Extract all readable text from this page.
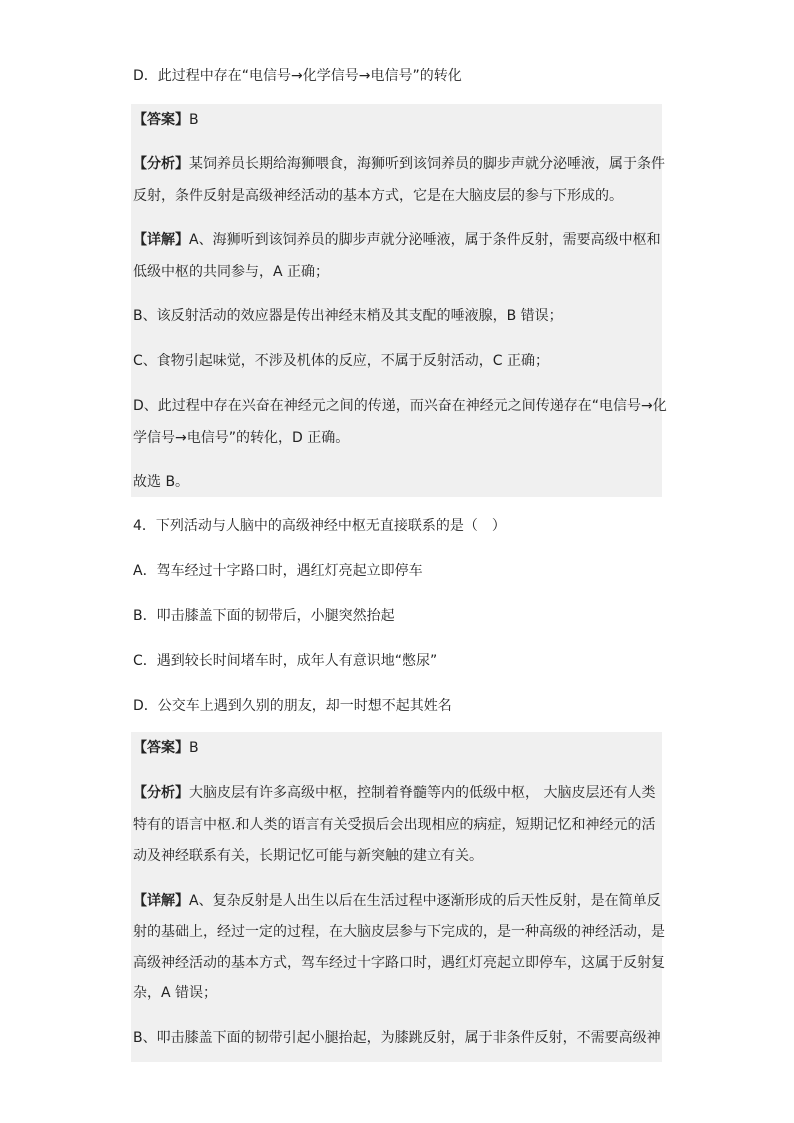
D．此过程中存在“电信号→化学信号→电信号”的转化
【答案】B
【分析】某饲养员长期给海狮喂食，海狮听到该饲养员的脚步声就分泌唾液，属于条件
反射，条件反射是高级神经活动的基本方式，它是在大脑皮层的参与下形成的。
【详解】A、海狮听到该饲养员的脚步声就分泌唾液，属于条件反射，需要高级中枢和
低级中枢的共同参与，A 正确；
B、该反射活动的效应器是传出神经末梢及其支配的唾液腺，B 错误；
C、食物引起味觉，不涉及机体的反应，不属于反射活动，C 正确；
D、此过程中存在兴奋在神经元之间的传递，而兴奋在神经元之间传递存在“电信号→化
学信号→电信号”的转化，D 正确。
故选 B。
4．下列活动与人脑中的高级神经中枢无直接联系的是（　）
A．驾车经过十字路口时，遇红灯亮起立即停车
B．叩击膝盖下面的韧带后，小腿突然抬起
C．遇到较长时间堵车时，成年人有意识地“憋尿”
D．公交车上遇到久别的朋友，却一时想不起其姓名
【答案】B
【分析】大脑皮层有许多高级中枢，控制着脊髓等内的低级中枢， 大脑皮层还有人类
特有的语言中枢.和人类的语言有关受损后会出现相应的病症，短期记忆和神经元的活
动及神经联系有关，长期记忆可能与新突触的建立有关。
【详解】A、复杂反射是人出生以后在生活过程中逐渐形成的后天性反射，是在简单反
射的基础上，经过一定的过程，在大脑皮层参与下完成的，是一种高级的神经活动，是
高级神经活动的基本方式，驾车经过十字路口时，遇红灯亮起立即停车，这属于反射复
杂，A 错误；
B、叩击膝盖下面的韧带引起小腿抬起，为膝跳反射，属于非条件反射，不需要高级神
